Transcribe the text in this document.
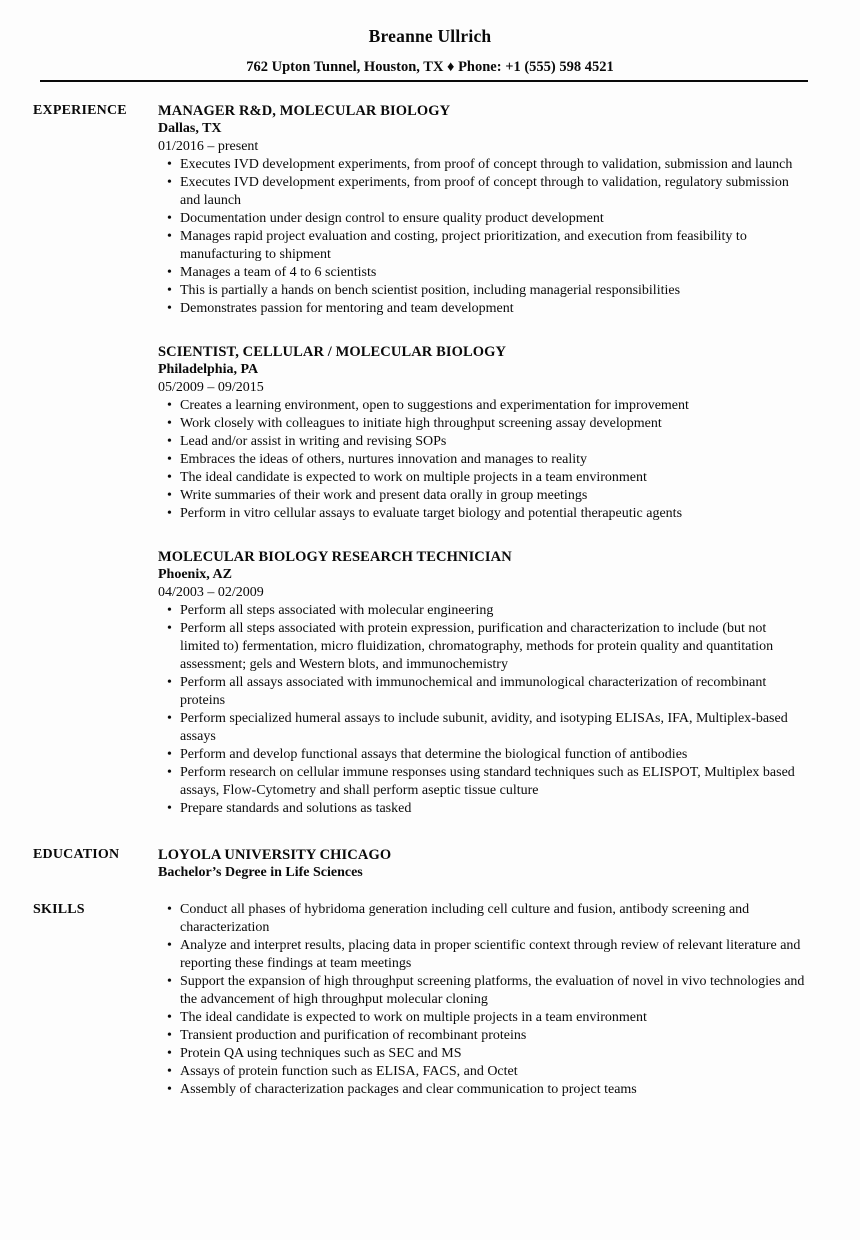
Breanne Ullrich
762 Upton Tunnel, Houston, TX ♦ Phone: +1 (555) 598 4521
EXPERIENCE	MANAGER R&D, MOLECULAR BIOLOGY
Dallas, TX
01/2016 – present
• Executes IVD development experiments, from proof of concept through to validation, submission and launch
• Executes IVD development experiments, from proof of concept through to validation, regulatory submission and launch
• Documentation under design control to ensure quality product development
• Manages rapid project evaluation and costing, project prioritization, and execution from feasibility to manufacturing to shipment
• Manages a team of 4 to 6 scientists
• This is partially a hands on bench scientist position, including managerial responsibilities
• Demonstrates passion for mentoring and team development
SCIENTIST, CELLULAR / MOLECULAR BIOLOGY
Philadelphia, PA
05/2009 – 09/2015
• Creates a learning environment, open to suggestions and experimentation for improvement
• Work closely with colleagues to initiate high throughput screening assay development
• Lead and/or assist in writing and revising SOPs
• Embraces the ideas of others, nurtures innovation and manages to reality
• The ideal candidate is expected to work on multiple projects in a team environment
• Write summaries of their work and present data orally in group meetings
• Perform in vitro cellular assays to evaluate target biology and potential therapeutic agents
MOLECULAR BIOLOGY RESEARCH TECHNICIAN
Phoenix, AZ
04/2003 – 02/2009
• Perform all steps associated with molecular engineering
• Perform all steps associated with protein expression, purification and characterization to include (but not limited to) fermentation, micro fluidization, chromatography, methods for protein quality and quantitation assessment; gels and Western blots, and immunochemistry
• Perform all assays associated with immunochemical and immunological characterization of recombinant proteins
• Perform specialized humeral assays to include subunit, avidity, and isotyping ELISAs, IFA, Multiplex-based assays
• Perform and develop functional assays that determine the biological function of antibodies
• Perform research on cellular immune responses using standard techniques such as ELISPOT, Multiplex based assays, Flow-Cytometry and shall perform aseptic tissue culture
• Prepare standards and solutions as tasked
EDUCATION	LOYOLA UNIVERSITY CHICAGO
Bachelor’s Degree in Life Sciences
SKILLS	• Conduct all phases of hybridoma generation including cell culture and fusion, antibody screening and characterization
• Analyze and interpret results, placing data in proper scientific context through review of relevant literature and reporting these findings at team meetings
• Support the expansion of high throughput screening platforms, the evaluation of novel in vivo technologies and the advancement of high throughput molecular cloning
• The ideal candidate is expected to work on multiple projects in a team environment
• Transient production and purification of recombinant proteins
• Protein QA using techniques such as SEC and MS
• Assays of protein function such as ELISA, FACS, and Octet
• Assembly of characterization packages and clear communication to project teams
